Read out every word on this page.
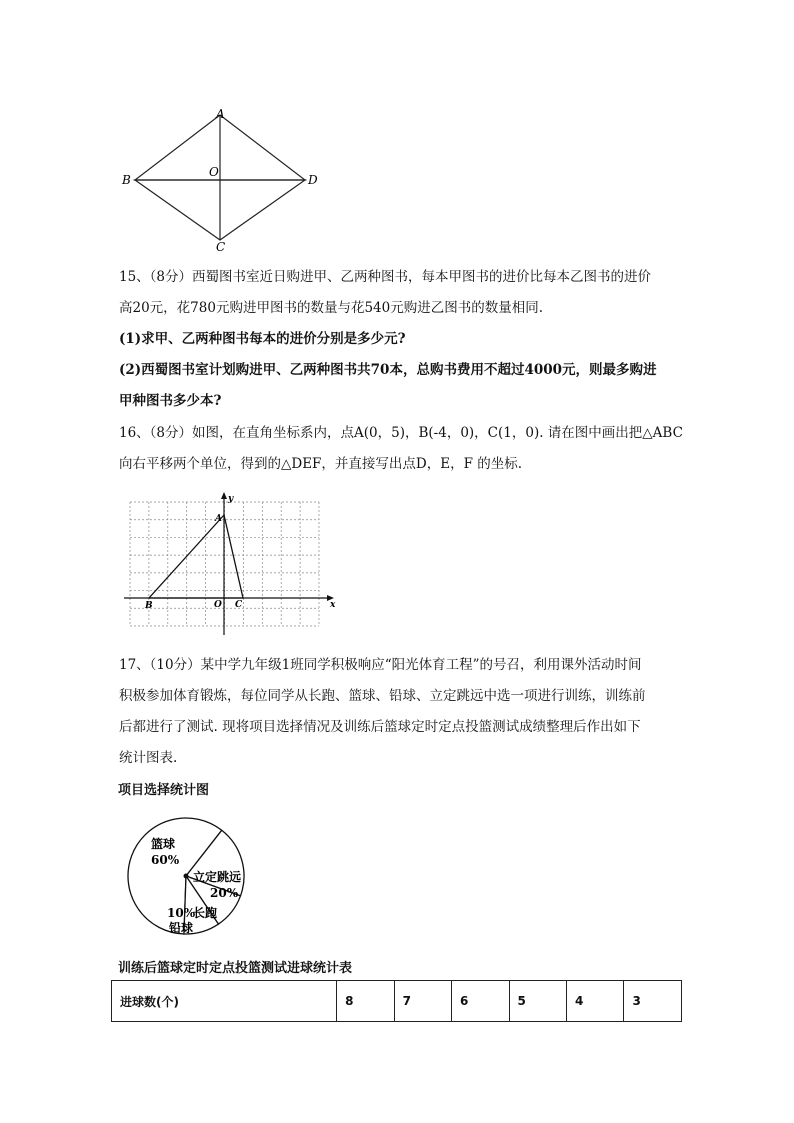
A
B
O
D
C
15、（8分）西蜀图书室近日购进甲、乙两种图书，每本甲图书的进价比每本乙图书的进价
高20元，花780元购进甲图书的数量与花540元购进乙图书的数量相同.
(1)求甲、乙两种图书每本的进价分别是多少元?
(2)西蜀图书室计划购进甲、乙两种图书共70本，总购书费用不超过4000元，则最多购进
甲种图书多少本?
16、（8分）如图，在直角坐标系内，点A(0，5)，B(-4，0)，C(1，0). 请在图中画出把△ABC
向右平移两个单位，得到的△DEF，并直接写出点D，E，F 的坐标.
y
x
A
B	O C
17、（10分）某中学九年级1班同学积极响应“阳光体育工程”的号召，利用课外活动时间
积极参加体育锻炼，每位同学从长跑、篮球、铅球、立定跳远中选一项进行训练，训练前
后都进行了测试. 现将项目选择情况及训练后篮球定时定点投篮测试成绩整理后作出如下
统计图表.
项目选择统计图
篮球
60%
立定跳远
20%
长跑
10%
铅球
训练后篮球定时定点投篮测试进球统计表
进球数(个)	8	7	6	5	4	3
